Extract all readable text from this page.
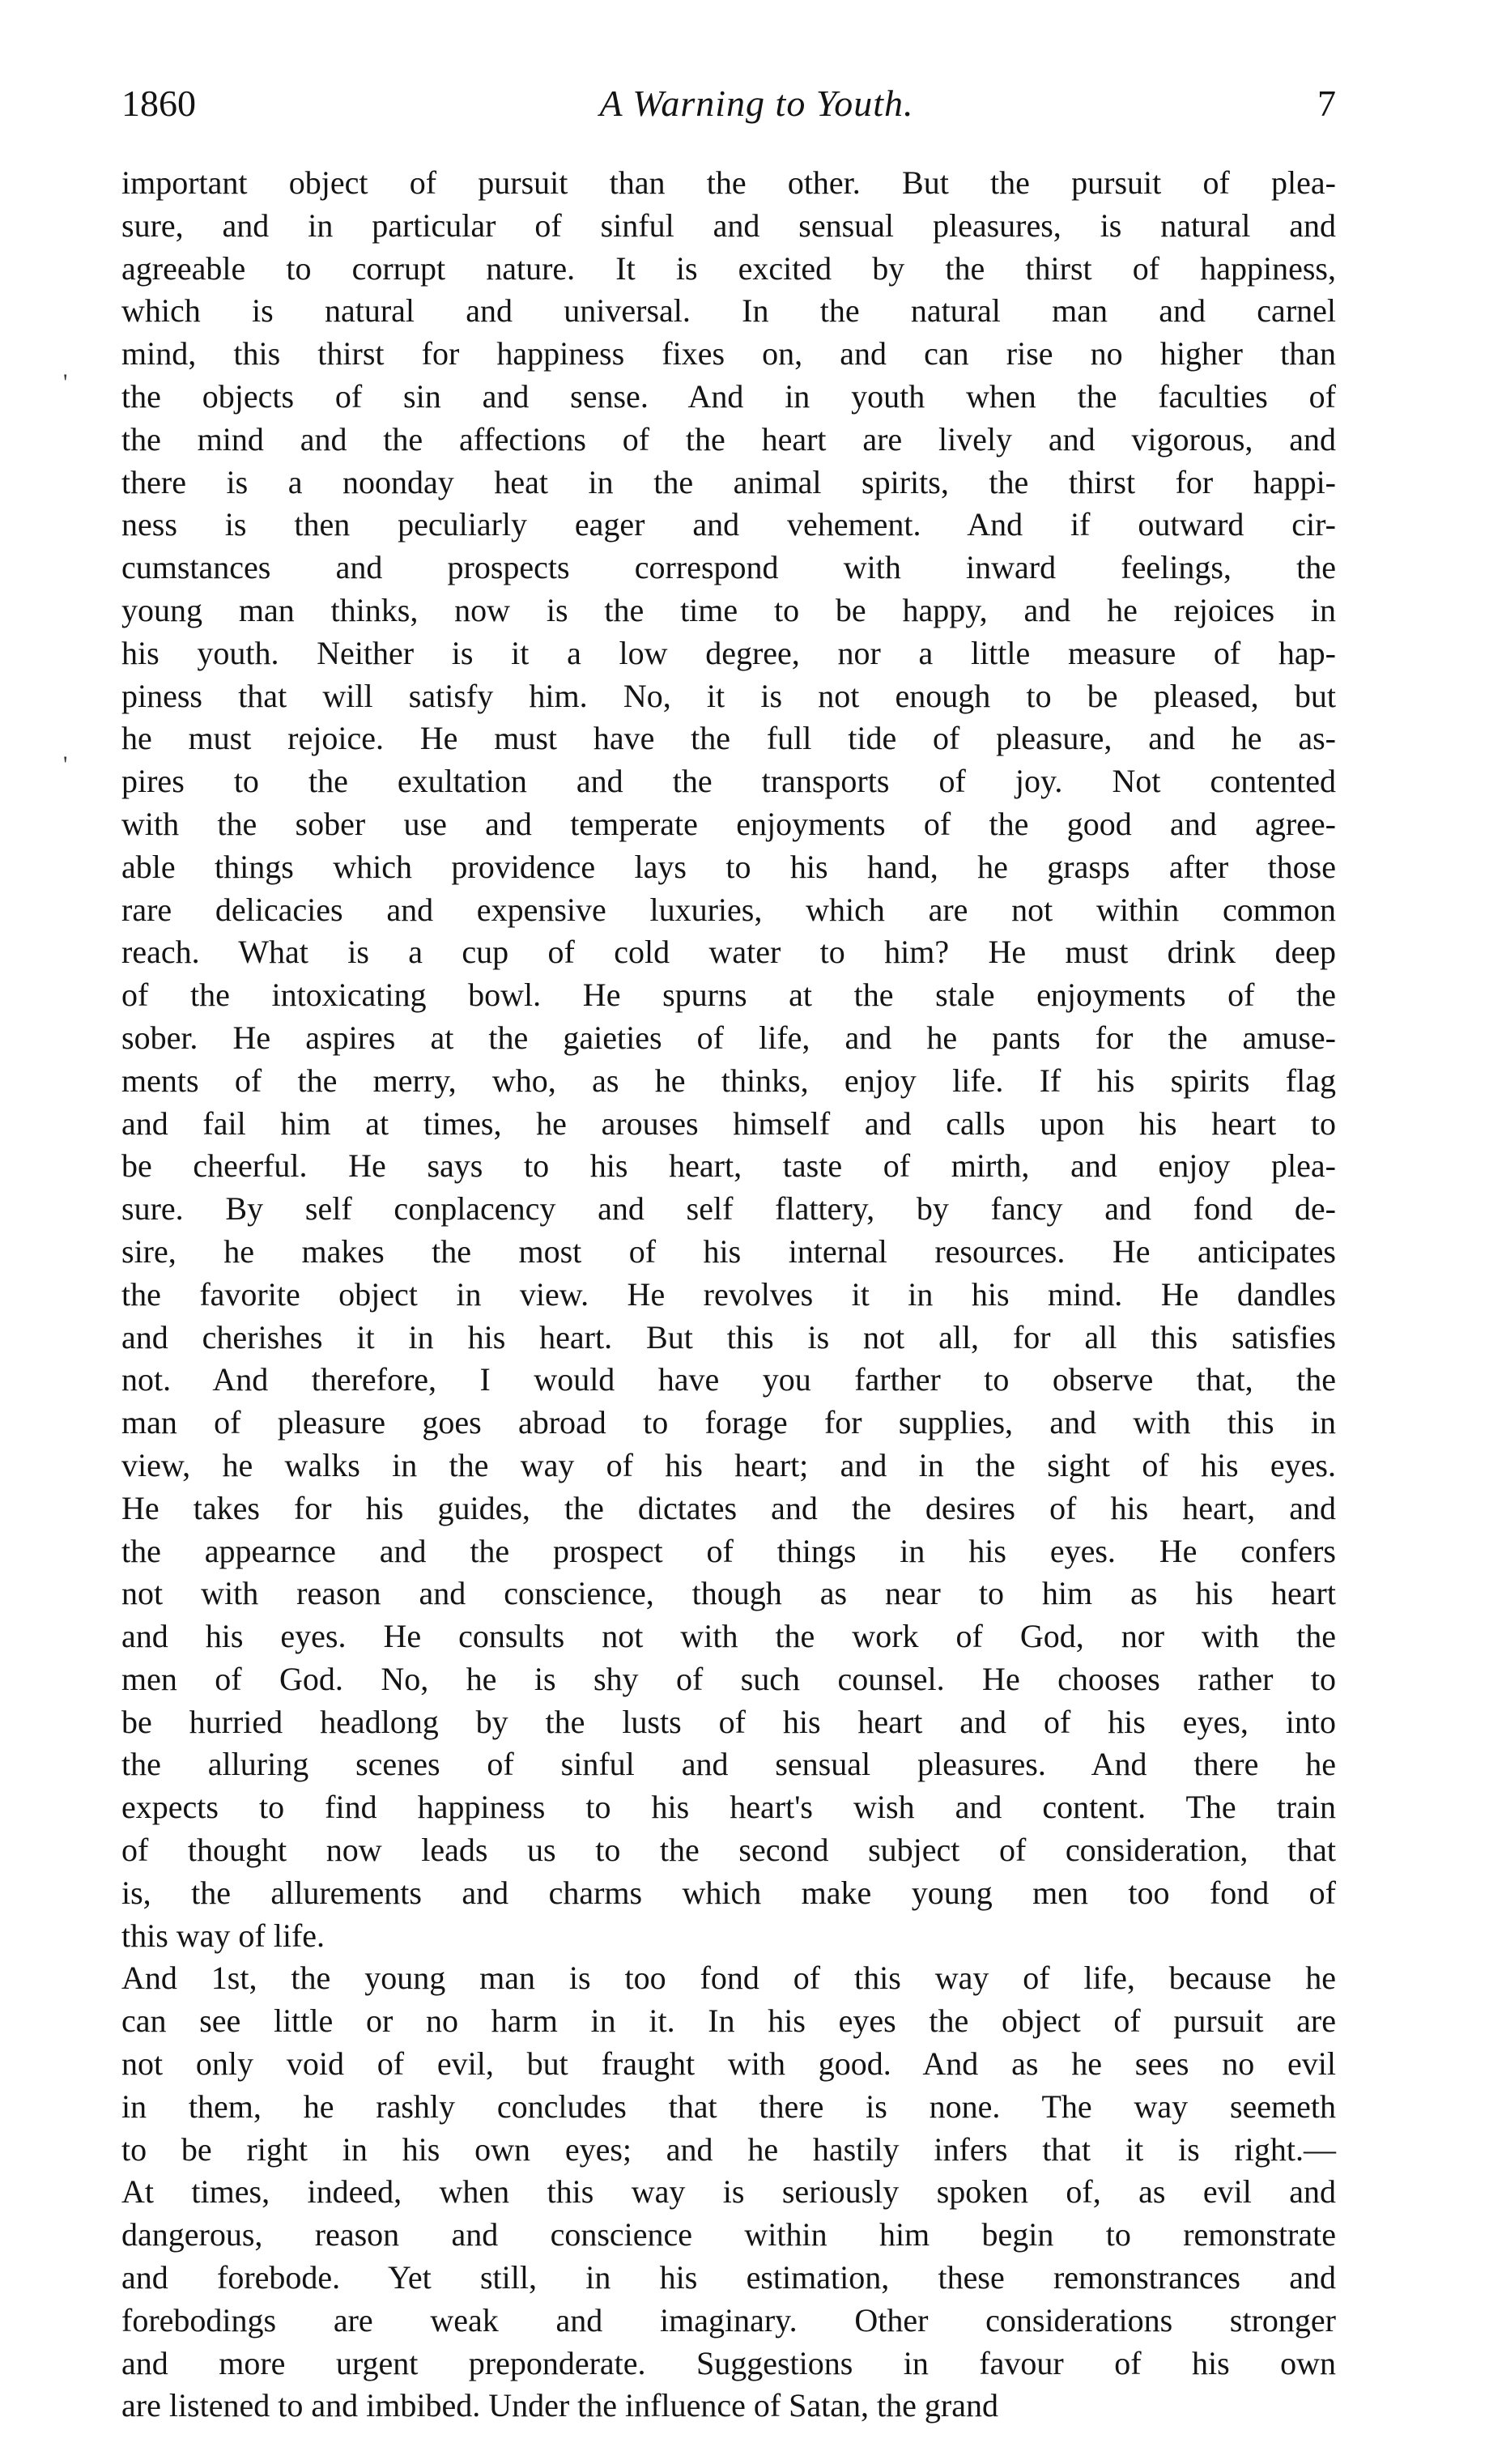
1860	A Warning to Youth.	7
important object of pursuit than the other. But the pursuit of plea-
sure, and in particular of sinful and sensual pleasures, is natural and
agreeable to corrupt nature. It is excited by the thirst of happiness,
which is natural and universal. In the natural man and carnel
mind, this thirst for happiness fixes on, and can rise no higher than
the objects of sin and sense. And in youth when the faculties of
the mind and the affections of the heart are lively and vigorous, and
there is a noonday heat in the animal spirits, the thirst for happi-
ness is then peculiarly eager and vehement. And if outward cir-
cumstances and prospects correspond with inward feelings, the
young man thinks, now is the time to be happy, and he rejoices in
his youth. Neither is it a low degree, nor a little measure of hap-
piness that will satisfy him. No, it is not enough to be pleased, but
he must rejoice. He must have the full tide of pleasure, and he as-
pires to the exultation and the transports of joy. Not contented
with the sober use and temperate enjoyments of the good and agree-
able things which providence lays to his hand, he grasps after those
rare delicacies and expensive luxuries, which are not within common
reach. What is a cup of cold water to him? He must drink deep
of the intoxicating bowl. He spurns at the stale enjoyments of the
sober. He aspires at the gaieties of life, and he pants for the amuse-
ments of the merry, who, as he thinks, enjoy life. If his spirits flag
and fail him at times, he arouses himself and calls upon his heart to
be cheerful. He says to his heart, taste of mirth, and enjoy plea-
sure. By self conplacency and self flattery, by fancy and fond de-
sire, he makes the most of his internal resources. He anticipates
the favorite object in view. He revolves it in his mind. He dandles
and cherishes it in his heart. But this is not all, for all this satisfies
not. And therefore, I would have you farther to observe that, the
man of pleasure goes abroad to forage for supplies, and with this in
view, he walks in the way of his heart; and in the sight of his eyes.
He takes for his guides, the dictates and the desires of his heart, and
the appearnce and the prospect of things in his eyes. He confers
not with reason and conscience, though as near to him as his heart
and his eyes. He consults not with the work of God, nor with the
men of God. No, he is shy of such counsel. He chooses rather to
be hurried headlong by the lusts of his heart and of his eyes, into
the alluring scenes of sinful and sensual pleasures. And there he
expects to find happiness to his heart's wish and content. The train
of thought now leads us to the second subject of consideration, that
is, the allurements and charms which make young men too fond of
this way of life.
And 1st, the young man is too fond of this way of life, because he
can see little or no harm in it. In his eyes the object of pursuit are
not only void of evil, but fraught with good. And as he sees no evil
in them, he rashly concludes that there is none. The way seemeth
to be right in his own eyes; and he hastily infers that it is right.—
At times, indeed, when this way is seriously spoken of, as evil and
dangerous, reason and conscience within him begin to remonstrate
and forebode. Yet still, in his estimation, these remonstrances and
forebodings are weak and imaginary. Other considerations stronger
and more urgent preponderate. Suggestions in favour of his own
are listened to and imbibed. Under the influence of Satan, the grand
'
'
